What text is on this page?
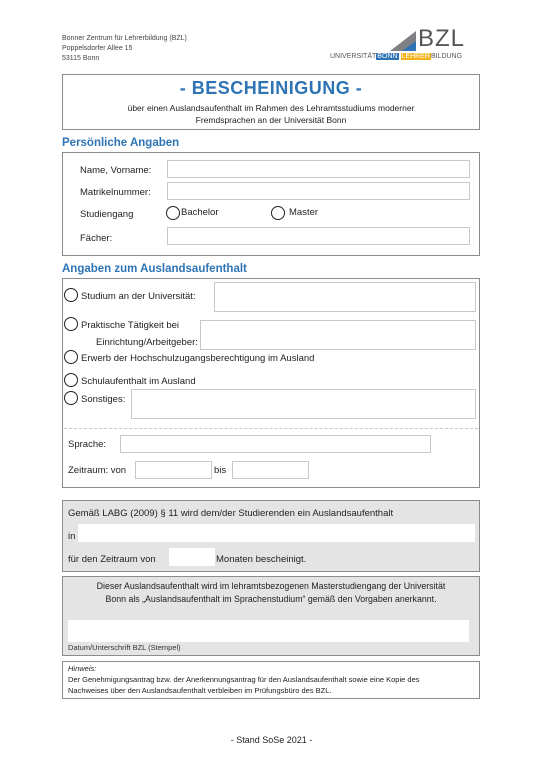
Bonner Zentrum für Lehrerbildung (BZL)
Poppelsdorfer Allee 15
53115 Bonn
BZL
UNIVERSITÄTBONN LEHRERBILDUNG
- BESCHEINIGUNG -
über einen Auslandsaufenthalt im Rahmen des Lehramtsstudiums moderner
Fremdsprachen an der Universität Bonn
Persönliche Angaben
Name, Vorname:
Matrikelnummer:
Studiengang	Bachelor	Master
Fächer:
Angaben zum Auslandsaufenthalt
Studium an der Universität:
Praktische Tätigkeit bei
Einrichtung/Arbeitgeber:
Erwerb der Hochschulzugangsberechtigung im Ausland
Schulaufenthalt im Ausland
Sonstiges:
Sprache:
Zeitraum: von	bis
Gemäß LABG (2009) § 11 wird dem/der Studierenden ein Auslandsaufenthalt
in
für den Zeitraum von	Monaten bescheinigt.
Dieser Auslandsaufenthalt wird im lehramtsbezogenen Masterstudiengang der Universität
Bonn als „Auslandsaufenthalt im Sprachenstudium“ gemäß den Vorgaben anerkannt.
Datum/Unterschrift BZL (Stempel)
Hinweis:
Der Genehmigungsantrag bzw. der Anerkennungsantrag für den Auslandsaufenthalt sowie eine Kopie des
Nachweises über den Auslandsaufenthalt verbleiben im Prüfungsbüro des BZL.
- Stand SoSe 2021 -
